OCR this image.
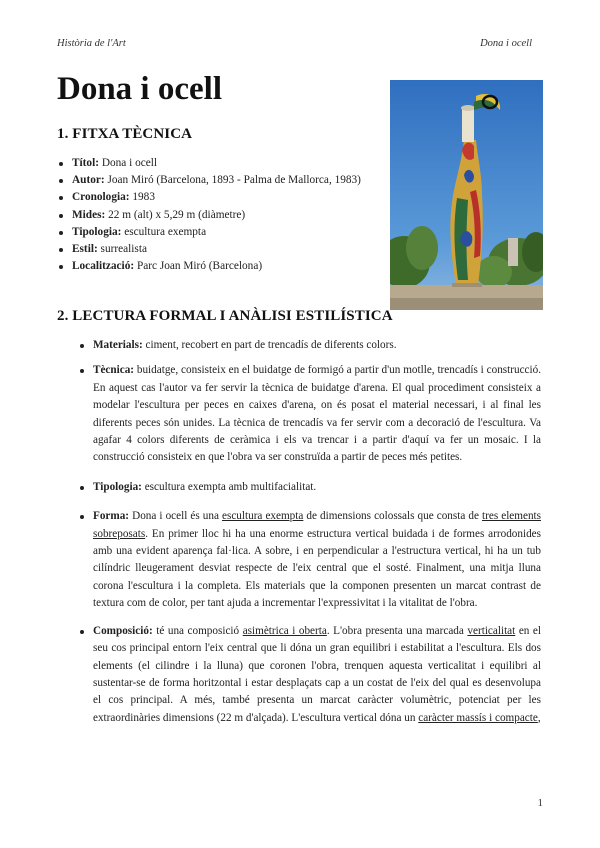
Història de l'Art	Dona i ocell
Dona i ocell
1. FITXA TÈCNICA
Títol: Dona i ocell
Autor: Joan Miró (Barcelona, 1893 - Palma de Mallorca, 1983)
Cronologia: 1983
Mides: 22 m (alt) x 5,29 m (diàmetre)
Tipologia: escultura exempta
Estil: surrealista
Localització: Parc Joan Miró (Barcelona)
2. LECTURA FORMAL I ANÀLISI ESTILÍSTICA
Materials: ciment, recobert en part de trencadís de diferents colors.
Tècnica: buidatge, consisteix en el buidatge de formigó a partir d'un motlle, trencadís i construcció. En aquest cas l'autor va fer servir la tècnica de buidatge d'arena. El qual procediment consisteix a modelar l'escultura per peces en caixes d'arena, on és posat el material necessari, i al final les diferents peces són unides. La tècnica de trencadís va fer servir com a decoració de l'escultura. Va agafar 4 colors diferents de ceràmica i els va trencar i a partir d'aquí va fer un mosaic. I la construcció consisteix en que l'obra va ser construïda a partir de peces més petites.
Tipologia: escultura exempta amb multifacialitat.
Forma: Dona i ocell és una escultura exempta de dimensions colossals que consta de tres elements sobreposats. En primer lloc hi ha una enorme estructura vertical buidada i de formes arrodonides amb una evident aparença fal·lica. A sobre, i en perpendicular a l'estructura vertical, hi ha un tub cilíndric lleugerament desviat respecte de l'eix central que el sosté. Finalment, una mitja lluna corona l'escultura i la completa. Els materials que la componen presenten un marcat contrast de textura com de color, per tant ajuda a incrementar l'expressivitat i la vitalitat de l'obra.
Composició: té una composició asimètrica i oberta. L'obra presenta una marcada verticalitat en el seu cos principal entorn l'eix central que li dóna un gran equilibri i estabilitat a l'escultura. Els dos elements (el cilindre i la lluna) que coronen l'obra, trenquen aquesta verticalitat i equilibri al sustentar-se de forma horitzontal i estar desplaçats cap a un costat de l'eix del qual es desenvolupa el cos principal. A més, també presenta un marcat caràcter volumètric, potenciat per les extraordinàries dimensions (22 m d'alçada). L'escultura vertical dóna un caràcter massís i compacte,
1
